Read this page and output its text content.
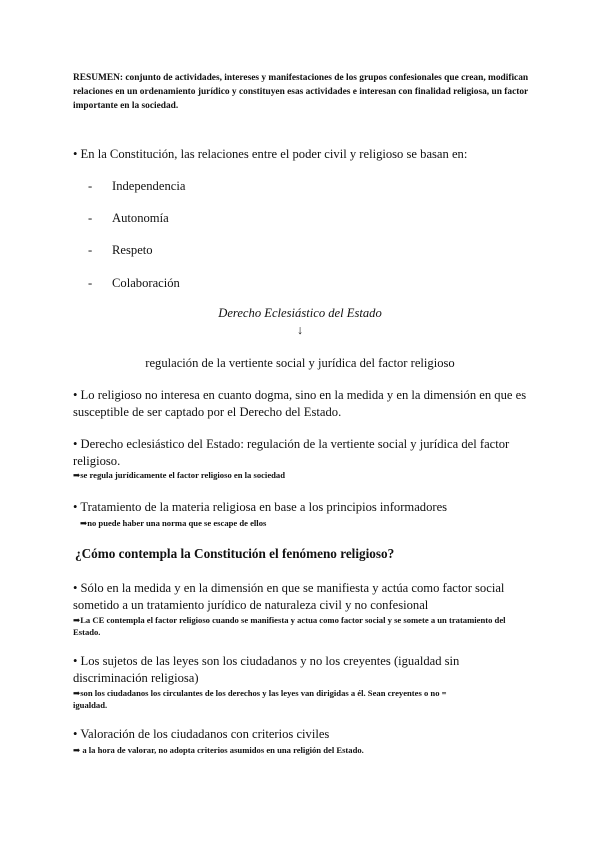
RESUMEN: conjunto de actividades, intereses y manifestaciones de los grupos confesionales que crean, modifican relaciones en un ordenamiento jurídico y constituyen esas actividades e interesan con finalidad religiosa, un factor importante en la sociedad.
• En la Constitución, las relaciones entre el poder civil y religioso se basan en:
- Independencia
- Autonomía
- Respeto
- Colaboración
Derecho Eclesiástico del Estado
↓
regulación de la vertiente social y jurídica del factor religioso
• Lo religioso no interesa en cuanto dogma, sino en la medida y en la dimensión en que es susceptible de ser captado por el Derecho del Estado.
• Derecho eclesiástico del Estado: regulación de la vertiente social y jurídica del factor religioso.
➡se regula jurídicamente el factor religioso en la sociedad
• Tratamiento de la materia religiosa en base a los principios informadores
➡no puede haber una norma que se escape de ellos
¿Cómo contempla la Constitución el fenómeno religioso?
• Sólo en la medida y en la dimensión en que se manifiesta y actúa como factor social sometido a un tratamiento jurídico de naturaleza civil y no confesional
➡La CE contempla el factor religioso cuando se manifiesta y actua como factor social y se somete a un tratamiento del Estado.
• Los sujetos de las leyes son los ciudadanos y no los creyentes (igualdad sin discriminación religiosa)
➡son los ciudadanos los circulantes de los derechos y las leyes van dirigidas a él. Sean creyentes o no = igualdad.
• Valoración de los ciudadanos con criterios civiles
➡ a la hora de valorar, no adopta criterios asumidos en una religión del Estado.
